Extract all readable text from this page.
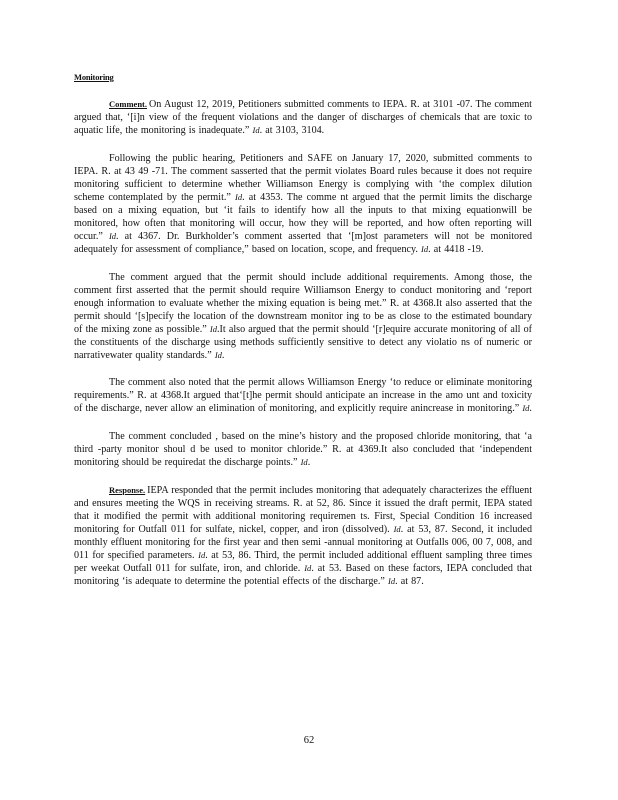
Monitoring

Comment. On August 12, 2019, Petitioners submitted comments to IEPA. R. at 3101 -07. The comment argued that, ‘[i]n view of the frequent violations and the danger of discharges of chemicals that are toxic to aquatic life, the monitoring is inadequate.” Id. at 3103, 3104.

Following the public hearing, Petitioners and SAFE on January 17, 2020, submitted comments to IEPA. R. at 43 49 -71. The comment sasserted that the permit violates Board rules because it does not require monitoring sufficient to determine whether Williamson Energy is complying with ‘the complex dilution scheme contemplated by the permit.” Id. at 4353. The comme nt argued that the permit limits the discharge based on a mixing equation, but ‘it fails to identify how all the inputs to that mixing equationwill be monitored, how often that monitoring will occur, how they will be reported, and how often reporting will occur.” Id. at 4367. Dr. Burkholder’s comment asserted that ‘[m]ost parameters will not be monitored adequately for assessment of compliance,” based on location, scope, and frequency. Id. at 4418 -19.

The comment argued that the permit should include additional requirements. Among those, the comment first asserted that the permit should require Williamson Energy to conduct monitoring and ‘report enough information to evaluate whether the mixing equation is being met.” R. at 4368.It also asserted that the permit should ‘[s]pecify the location of the downstream monitor ing to be as close to the estimated boundary of the mixing zone as possible.” Id.It also argued that the permit should ‘[r]equire accurate monitoring of all of the constituents of the discharge using methods sufficiently sensitive to detect any violatio ns of numeric or narrativewater quality standards.” Id.

The comment also noted that the permit allows Williamson Energy ‘to reduce or eliminate monitoring requirements.” R. at 4368.It argued that‘[t]he permit should anticipate an increase in the amo unt and toxicity of the discharge, never allow an elimination of monitoring, and explicitly require anincrease in monitoring.” Id.

The comment concluded , based on the mine’s history and the proposed chloride monitoring, that ‘a third -party monitor shoul d be used to monitor chloride.” R. at 4369.It also concluded that ‘independent monitoring should be requiredat the discharge points.” Id.

Response. IEPA responded that the permit includes monitoring that adequately characterizes the effluent and ensures meeting the WQS in receiving streams. R. at 52, 86. Since it issued the draft permit, IEPA stated that it modified the permit with additional monitoring requiremen ts. First, Special Condition 16 increased monitoring for Outfall 011 for sulfate, nickel, copper, and iron (dissolved). Id. at 53, 87. Second, it included monthly effluent monitoring for the first year and then semi -annual monitoring at Outfalls 006, 00 7, 008, and 011 for specified parameters. Id. at 53, 86. Third, the permit included additional effluent sampling three times per weekat Outfall 011 for sulfate, iron, and chloride. Id. at 53. Based on these factors, IEPA concluded that monitoring ‘is adequate to determine the potential effects of the discharge.” Id. at 87.

62
